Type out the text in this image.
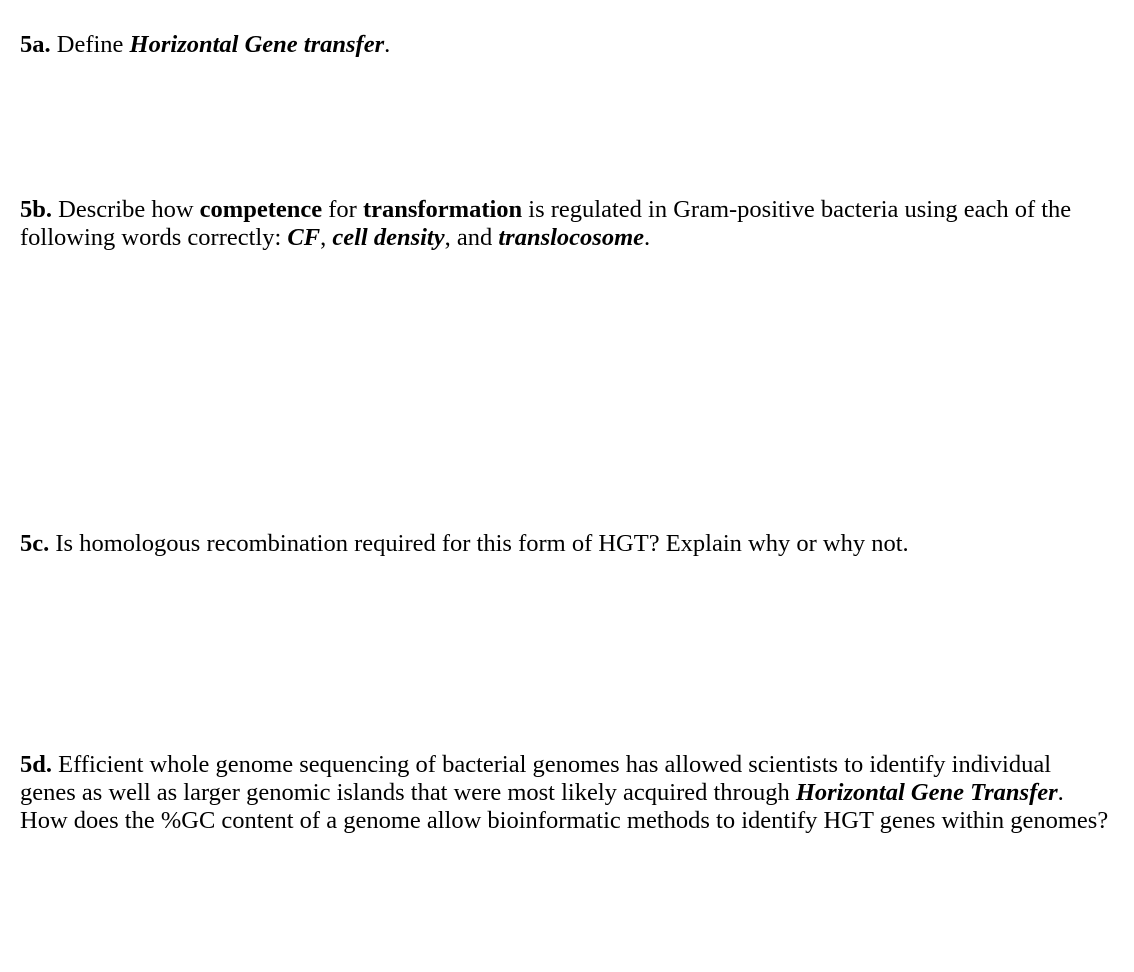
5a. Define Horizontal Gene transfer.

5b. Describe how competence for transformation is regulated in Gram-positive bacteria using each of the following words correctly: CF, cell density, and translocosome.

5c. Is homologous recombination required for this form of HGT? Explain why or why not.

5d. Efficient whole genome sequencing of bacterial genomes has allowed scientists to identify individual genes as well as larger genomic islands that were most likely acquired through Horizontal Gene Transfer. How does the %GC content of a genome allow bioinformatic methods to identify HGT genes within genomes?
